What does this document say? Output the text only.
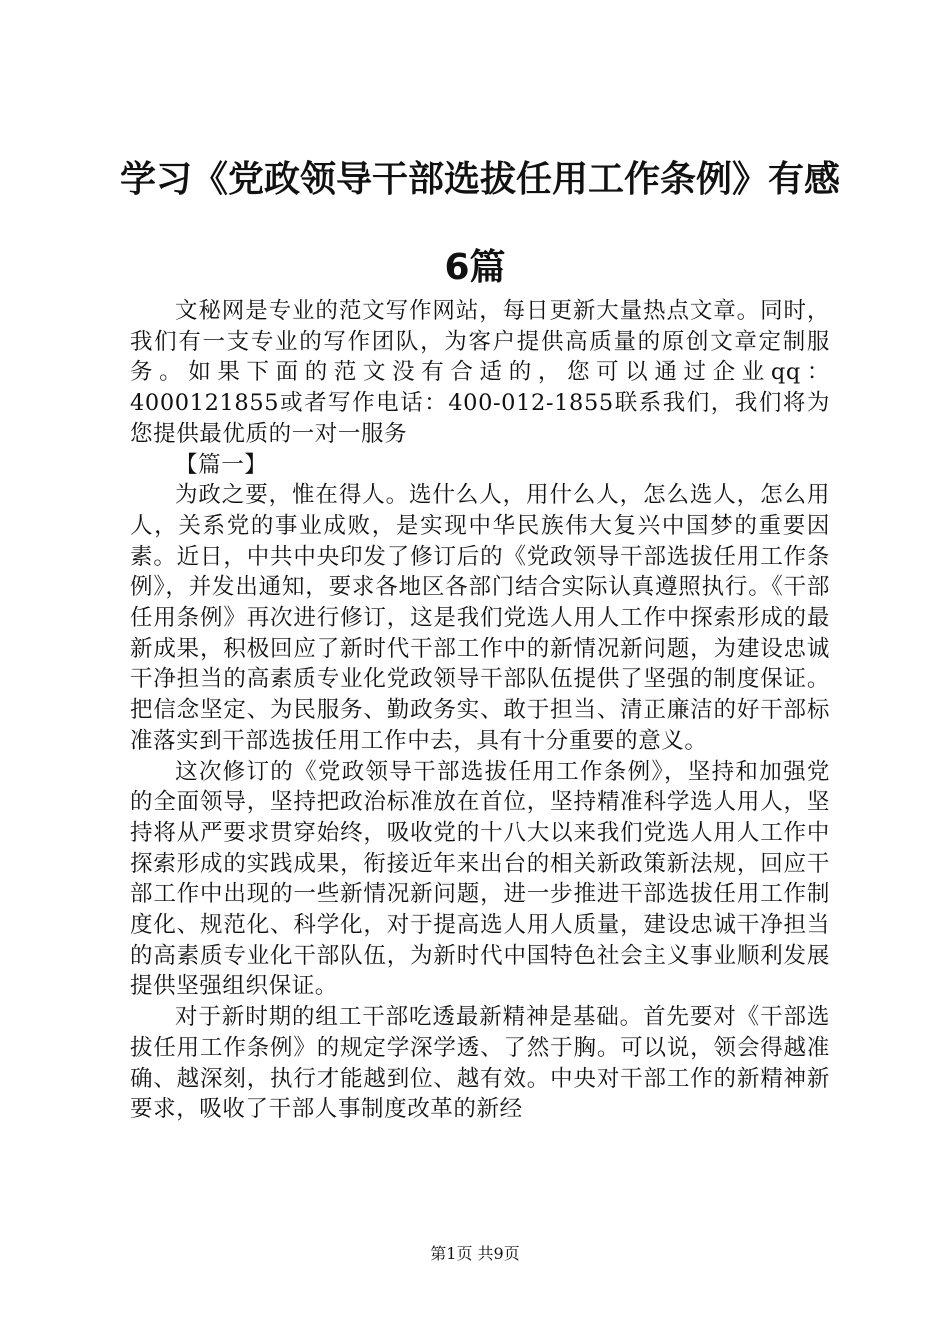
学习《党政领导干部选拔任用工作条例》有感
6篇

文秘网是专业的范文写作网站，每日更新大量热点文章。同时，我们有一支专业的写作团队，为客户提供高质量的原创文章定制服务。如果下面的范文没有合适的，您可以通过企业qq：4000121855或者写作电话：400-012-1855联系我们，我们将为您提供最优质的一对一服务

【篇一】

为政之要，惟在得人。选什么人，用什么人，怎么选人，怎么用人，关系党的事业成败，是实现中华民族伟大复兴中国梦的重要因素。近日，中共中央印发了修订后的《党政领导干部选拔任用工作条例》，并发出通知，要求各地区各部门结合实际认真遵照执行。《干部任用条例》再次进行修订，这是我们党选人用人工作中探索形成的最新成果，积极回应了新时代干部工作中的新情况新问题，为建设忠诚干净担当的高素质专业化党政领导干部队伍提供了坚强的制度保证。把信念坚定、为民服务、勤政务实、敢于担当、清正廉洁的好干部标准落实到干部选拔任用工作中去，具有十分重要的意义。

这次修订的《党政领导干部选拔任用工作条例》，坚持和加强党的全面领导，坚持把政治标准放在首位，坚持精准科学选人用人，坚持将从严要求贯穿始终，吸收党的十八大以来我们党选人用人工作中探索形成的实践成果，衔接近年来出台的相关新政策新法规，回应干部工作中出现的一些新情况新问题，进一步推进干部选拔任用工作制度化、规范化、科学化，对于提高选人用人质量，建设忠诚干净担当的高素质专业化干部队伍，为新时代中国特色社会主义事业顺利发展提供坚强组织保证。

对于新时期的组工干部吃透最新精神是基础。首先要对《干部选拔任用工作条例》的规定学深学透、了然于胸。可以说，领会得越准确、越深刻，执行才能越到位、越有效。中央对干部工作的新精神新要求，吸收了干部人事制度改革的新经

第1页 共9页
